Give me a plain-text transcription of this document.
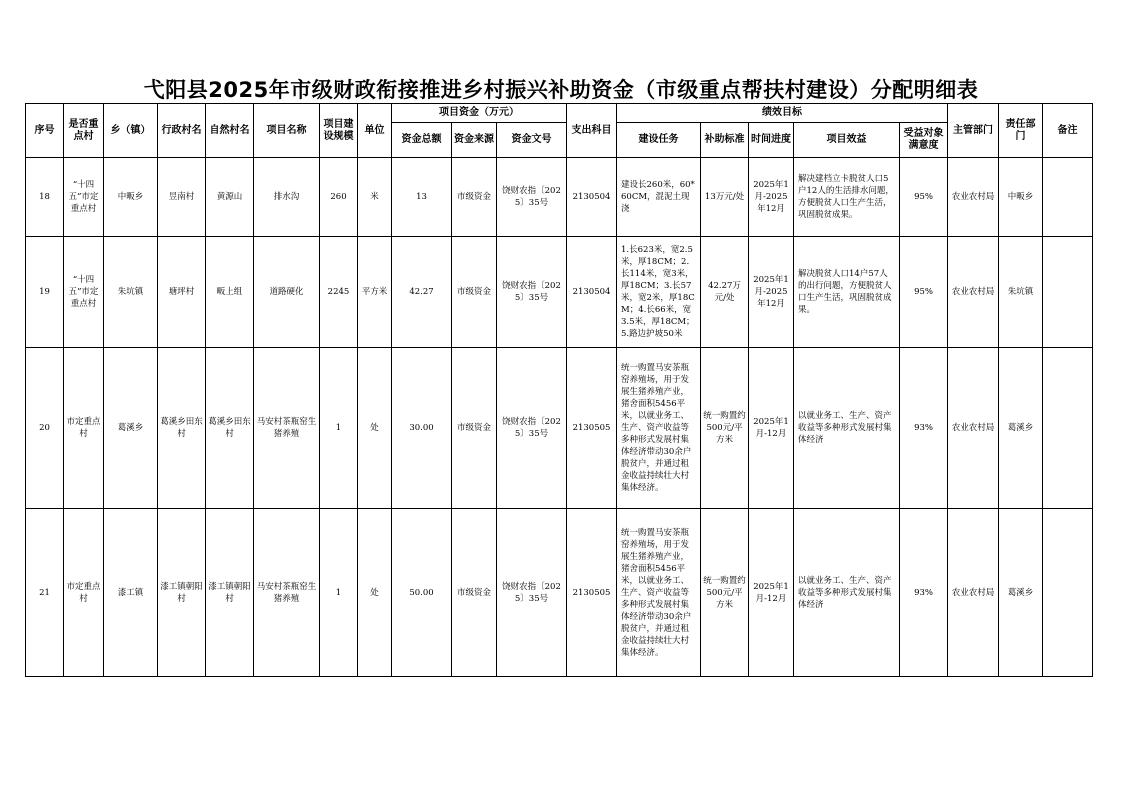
弋阳县2025年市级财政衔接推进乡村振兴补助资金（市级重点帮扶村建设）分配明细表
序号	是否重点村	乡（镇）	行政村名	自然村名	项目名称	项目建设规模	单位	项目资金（万元）			支出科目	绩效目标					主管部门	责任部门	备注
								资金总额	资金来源	资金文号		建设任务	补助标准	时间进度	项目效益	受益对象满意度			
18	“十四五”市定重点村	中畈乡	昱南村	黄源山	排水沟	260	米	13	市级资金	饶财农指〔2025〕35号	2130504	建设长260米，60*60CM，混泥土现浇	13万元/处	2025年1月-2025年12月	解决建档立卡脱贫人口5户12人的生活排水问题，方便脱贫人口生产生活，巩固脱贫成果。	95%	农业农村局	中畈乡	
19	“十四五”市定重点村	朱坑镇	塘坪村	畈上组	道路硬化	2245	平方米	42.27	市级资金	饶财农指〔2025〕35号	2130504	1.长623米，宽2.5米，厚18CM；2.长114米，宽3米，厚18CM；3.长57米，宽2米，厚18CM；4.长66米，宽3.5米，厚18CM；5.路边护坡50米	42.27万元/处	2025年1月-2025年12月	解决脱贫人口14户57人的出行问题，方便脱贫人口生产生活，巩固脱贫成果。	95%	农业农村局	朱坑镇	
20	市定重点村	葛溪乡	葛溪乡田东村	葛溪乡田东村	马安村茶瓶窑生猪养殖	1	处	30.00	市级资金	饶财农指〔2025〕35号	2130505	统一购置马安茶瓶窑养殖场，用于发展生猪养殖产业，猪舍面积5456平米，以就业务工、生产、资产收益等多种形式发展村集体经济带动30余户脱贫户，并通过租金收益持续壮大村集体经济。	统一购置约500元/平方米	2025年1月-12月	以就业务工、生产、资产收益等多种形式发展村集体经济	93%	农业农村局	葛溪乡	
21	市定重点村	漆工镇	漆工镇朝阳村	漆工镇朝阳村	马安村茶瓶窑生猪养殖	1	处	50.00	市级资金	饶财农指〔2025〕35号	2130505	统一购置马安茶瓶窑养殖场，用于发展生猪养殖产业，猪舍面积5456平米，以就业务工、生产、资产收益等多种形式发展村集体经济带动30余户脱贫户，并通过租金收益持续壮大村集体经济。	统一购置约500元/平方米	2025年1月-12月	以就业务工、生产、资产收益等多种形式发展村集体经济	93%	农业农村局	葛溪乡	
